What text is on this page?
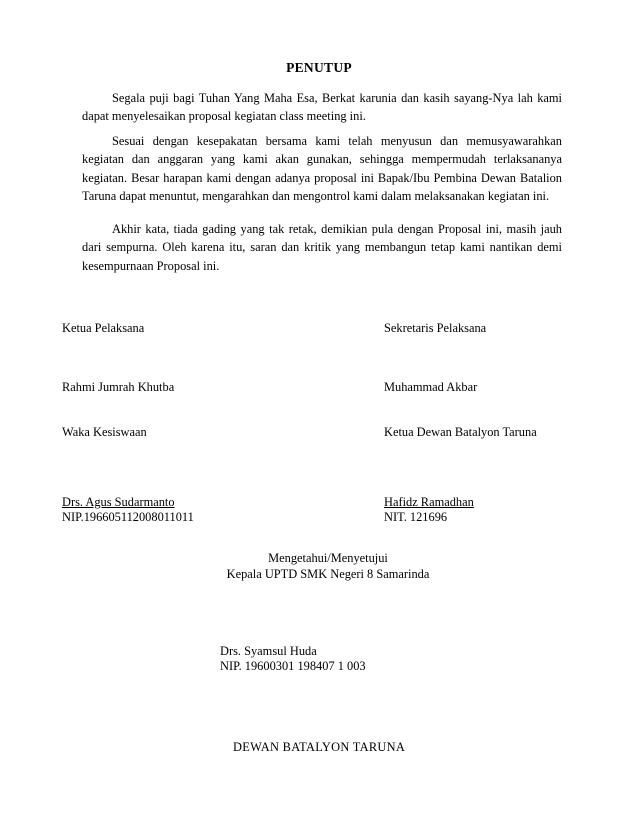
PENUTUP

Segala puji bagi Tuhan Yang Maha Esa, Berkat karunia dan kasih sayang-Nya lah kami dapat menyelesaikan proposal kegiatan class meeting ini.

Sesuai dengan kesepakatan bersama kami telah menyusun dan memusyawarahkan kegiatan dan anggaran yang kami akan gunakan, sehingga mempermudah terlaksananya kegiatan. Besar harapan kami dengan adanya proposal ini Bapak/Ibu Pembina Dewan Batalion Taruna dapat menuntut, mengarahkan dan mengontrol kami dalam melaksanakan kegiatan ini.

Akhir kata, tiada gading yang tak retak, demikian pula dengan Proposal ini, masih jauh dari sempurna. Oleh karena itu, saran dan kritik yang membangun tetap kami nantikan demi kesempurnaan Proposal ini.

Ketua Pelaksana
Rahmi Jumrah Khutba
Sekretaris Pelaksana
Muhammad Akbar
Waka Kesiswaan
Drs. Agus Sudarmanto
NIP.196605112008011011
Ketua Dewan Batalyon Taruna
Hafidz Ramadhan
NIT. 121696
Mengetahui/Menyetujui
Kepala UPTD SMK Negeri 8 Samarinda
Drs. Syamsul Huda
NIP. 19600301 198407 1 003
DEWAN BATALYON TARUNA
